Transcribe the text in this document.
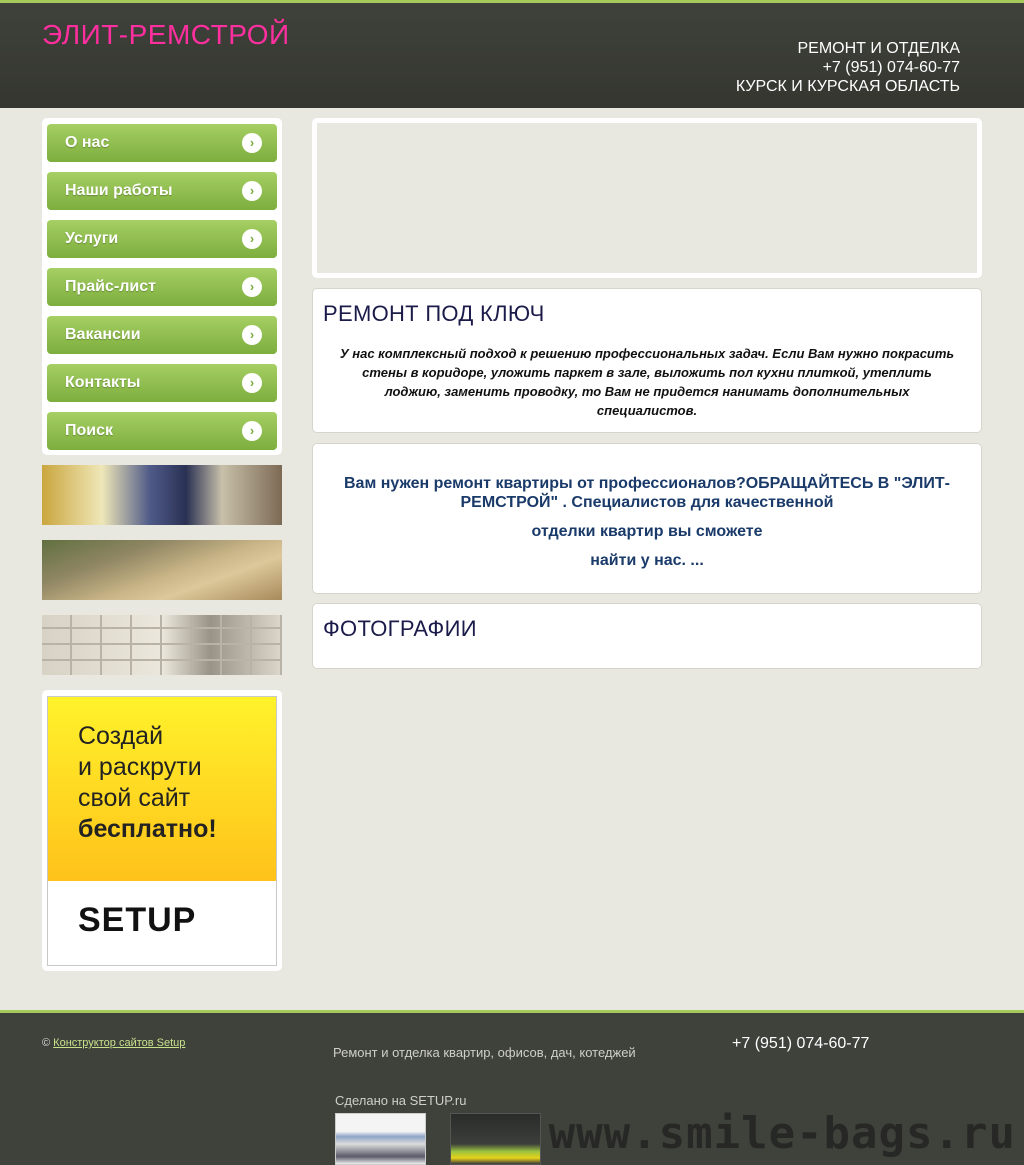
ЭЛИТ-РЕМСТРОЙ	РЕМОНТ И ОТДЕЛКА
+7 (951) 074-60-77
КУРСК И КУРСКАЯ ОБЛАСТЬ
О нас	›
Наши работы	›
Услуги	›
Прайс-лист	›
Вакансии	›
Контакты	›
Поиск	›
Создай
и раскрути
свой сайт
бесплатно!
SETUP
РЕМОНТ ПОД КЛЮЧ
У нас комплексный подход к решению профессиональных задач. Если Вам нужно покрасить стены в коридоре, уложить паркет в зале, выложить пол кухни плиткой, утеплить лоджию, заменить проводку, то Вам не придется нанимать дополнительных специалистов.

Вам нужен ремонт квартиры от профессионалов?ОБРАЩАЙТЕСЬ В "ЭЛИТ-РЕМСТРОЙ" . Специалистов для качественной

отделки квартир вы сможете

найти у нас. ...

ФОТОГРАФИИ
© Конструктор сайтов Setup
Ремонт и отделка квартир, офисов, дач, котеджей
+7 (951) 074-60-77
Сделано на SETUP.ru
www.smile-bags.ru
